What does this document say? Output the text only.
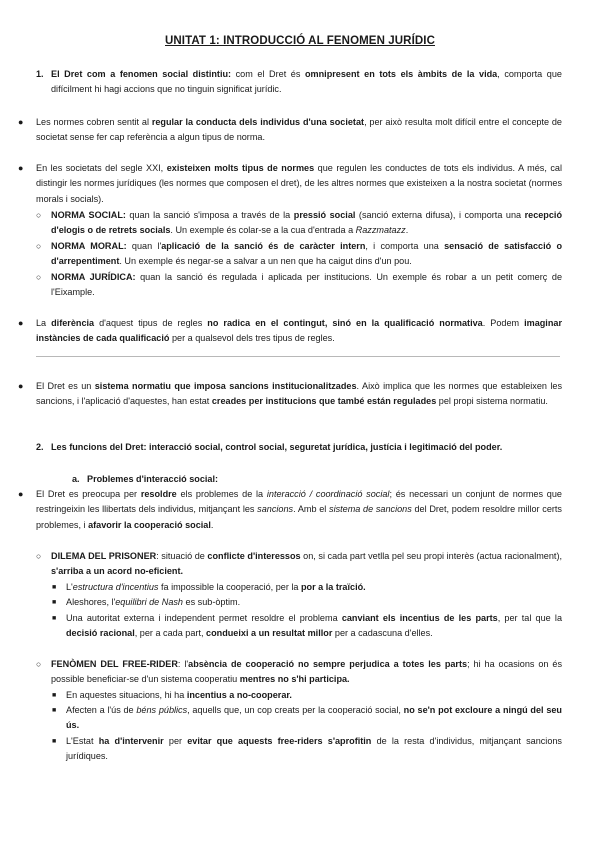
UNITAT 1: INTRODUCCIÓ AL FENOMEN JURÍDIC
1. El Dret com a fenomen social distintiu: com el Dret és omnipresent en tots els àmbits de la vida, comporta que difícilment hi hagi accions que no tinguin significat jurídic.

● Les normes cobren sentit al regular la conducta dels individus d'una societat, per això resulta molt difícil entre el concepte de societat sense fer cap referència a algun tipus de norma.

● En les societats del segle XXI, existeixen molts tipus de normes que regulen les conductes de tots els individus. A més, cal distingir les normes jurídiques (les normes que composen el dret), de les altres normes que existeixen a la nostra societat (normes morals i socials).

○ NORMA SOCIAL: quan la sanció s'imposa a través de la pressió social (sanció externa difusa), i comporta una recepció d'elogis o de retrets socials. Un exemple és colar-se a la cua d'entrada a Razzmatazz.

○ NORMA MORAL: quan l'aplicació de la sanció és de caràcter intern, i comporta una sensació de satisfacció o d'arrepentiment. Un exemple és negar-se a salvar a un nen que ha caigut dins d'un pou.

○ NORMA JURÍDICA: quan la sanció és regulada i aplicada per institucions. Un exemple és robar a un petit comerç de l'Eixample.

● La diferència d'aquest tipus de regles no radica en el contingut, sinó en la qualificació normativa. Podem imaginar instàncies de cada qualificació per a qualsevol dels tres tipus de regles.

● El Dret es un sistema normatiu que imposa sancions institucionalitzades. Això implica que les normes que estableixen les sancions, i l'aplicació d'aquestes, han estat creades per institucions que també están regulades pel propi sistema normatiu.

2. Les funcions del Dret: interacció social, control social, seguretat jurídica, justícia i legitimació del poder.
a. Problemes d'interacció social:
● El Dret es preocupa per resoldre els problemes de la interacció / coordinació social; és necessari un conjunt de normes que restringeixin les llibertats dels individus, mitjançant les sancions. Amb el sistema de sancions del Dret, podem resoldre millor certs problemes, i afavorir la cooperació social.

○ DILEMA DEL PRISONER: situació de conflicte d'interessos on, si cada part vetlla pel seu propi interès (actua racionalment), s'arriba a un acord no-eficient.

■ L'estructura d'incentius fa impossible la cooperació, per la por a la traïció.

■ Aleshores, l'equilibri de Nash es sub-òptim.

■ Una autoritat externa i independent permet resoldre el problema canviant els incentius de les parts, per tal que la decisió racional, per a cada part, condueixi a un resultat millor per a cadascuna d'elles.

○ FENÒMEN DEL FREE-RIDER: l'absència de cooperació no sempre perjudica a totes les parts; hi ha ocasions on és possible beneficiar-se d'un sistema cooperatiu mentres no s'hi participa.

■ En aquestes situacions, hi ha incentius a no-cooperar.

■ Afecten a l'ús de béns públics, aquells que, un cop creats per la cooperació social, no se'n pot excloure a ningú del seu ús.

■ L'Estat ha d'intervenir per evitar que aquests free-riders s'aprofitin de la resta d'individus, mitjançant sancions jurídiques.
